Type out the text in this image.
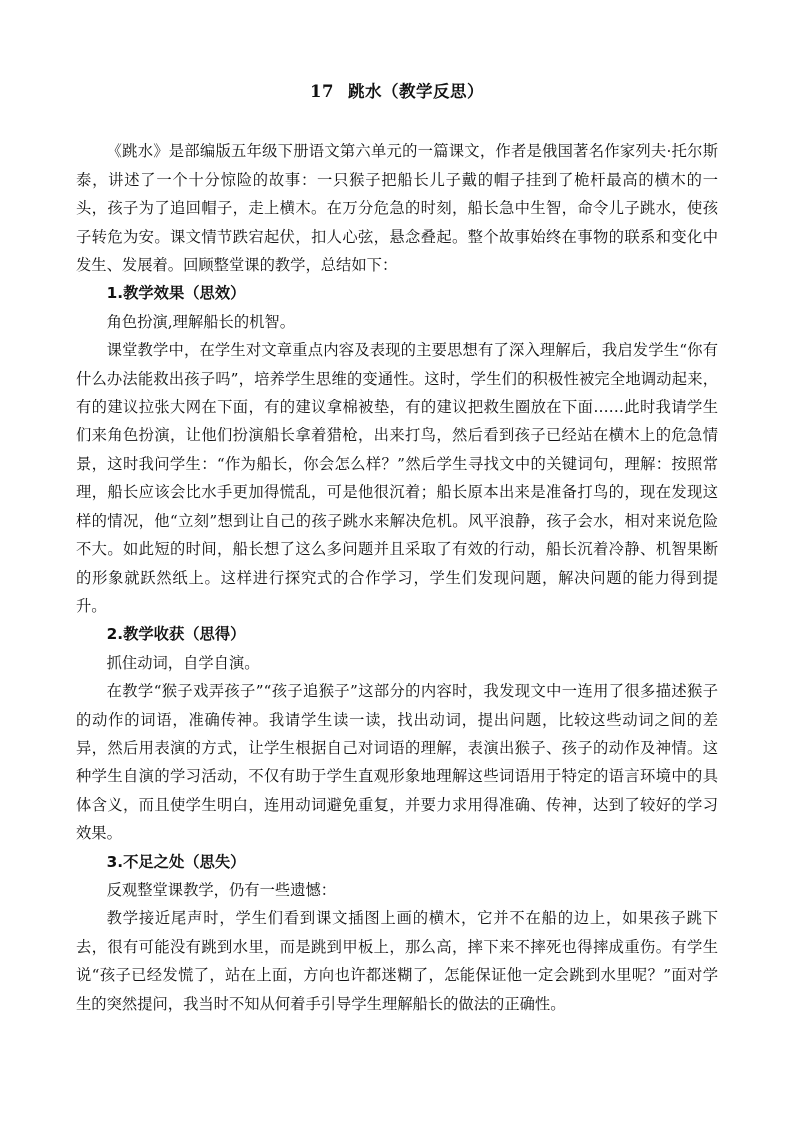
17 跳水（教学反思）

《跳水》是部编版五年级下册语文第六单元的一篇课文，作者是俄国著名作家列夫·托尔斯泰，讲述了一个十分惊险的故事：一只猴子把船长儿子戴的帽子挂到了桅杆最高的横木的一头，孩子为了追回帽子，走上横木。在万分危急的时刻，船长急中生智，命令儿子跳水，使孩子转危为安。课文情节跌宕起伏，扣人心弦，悬念叠起。整个故事始终在事物的联系和变化中发生、发展着。回顾整堂课的教学，总结如下：

1.教学效果（思效）

角色扮演,理解船长的机智。

课堂教学中，在学生对文章重点内容及表现的主要思想有了深入理解后，我启发学生“你有什么办法能救出孩子吗”，培养学生思维的变通性。这时，学生们的积极性被完全地调动起来，有的建议拉张大网在下面，有的建议拿棉被垫，有的建议把救生圈放在下面……此时我请学生们来角色扮演，让他们扮演船长拿着猎枪，出来打鸟，然后看到孩子已经站在横木上的危急情景，这时我问学生：“作为船长，你会怎么样？”然后学生寻找文中的关键词句，理解：按照常理，船长应该会比水手更加得慌乱，可是他很沉着；船长原本出来是准备打鸟的，现在发现这样的情况，他“立刻”想到让自己的孩子跳水来解决危机。风平浪静，孩子会水，相对来说危险不大。如此短的时间，船长想了这么多问题并且采取了有效的行动，船长沉着冷静、机智果断的形象就跃然纸上。这样进行探究式的合作学习，学生们发现问题，解决问题的能力得到提升。

2.教学收获（思得）

抓住动词，自学自演。

在教学“猴子戏弄孩子”“孩子追猴子”这部分的内容时，我发现文中一连用了很多描述猴子的动作的词语，准确传神。我请学生读一读，找出动词，提出问题，比较这些动词之间的差异，然后用表演的方式，让学生根据自己对词语的理解，表演出猴子、孩子的动作及神情。这种学生自演的学习活动，不仅有助于学生直观形象地理解这些词语用于特定的语言环境中的具体含义，而且使学生明白，连用动词避免重复，并要力求用得准确、传神，达到了较好的学习效果。

3.不足之处（思失）

反观整堂课教学，仍有一些遗憾：

教学接近尾声时，学生们看到课文插图上画的横木，它并不在船的边上，如果孩子跳下去，很有可能没有跳到水里，而是跳到甲板上，那么高，摔下来不摔死也得摔成重伤。有学生说“孩子已经发慌了，站在上面，方向也许都迷糊了，怎能保证他一定会跳到水里呢？”面对学生的突然提问，我当时不知从何着手引导学生理解船长的做法的正确性。
